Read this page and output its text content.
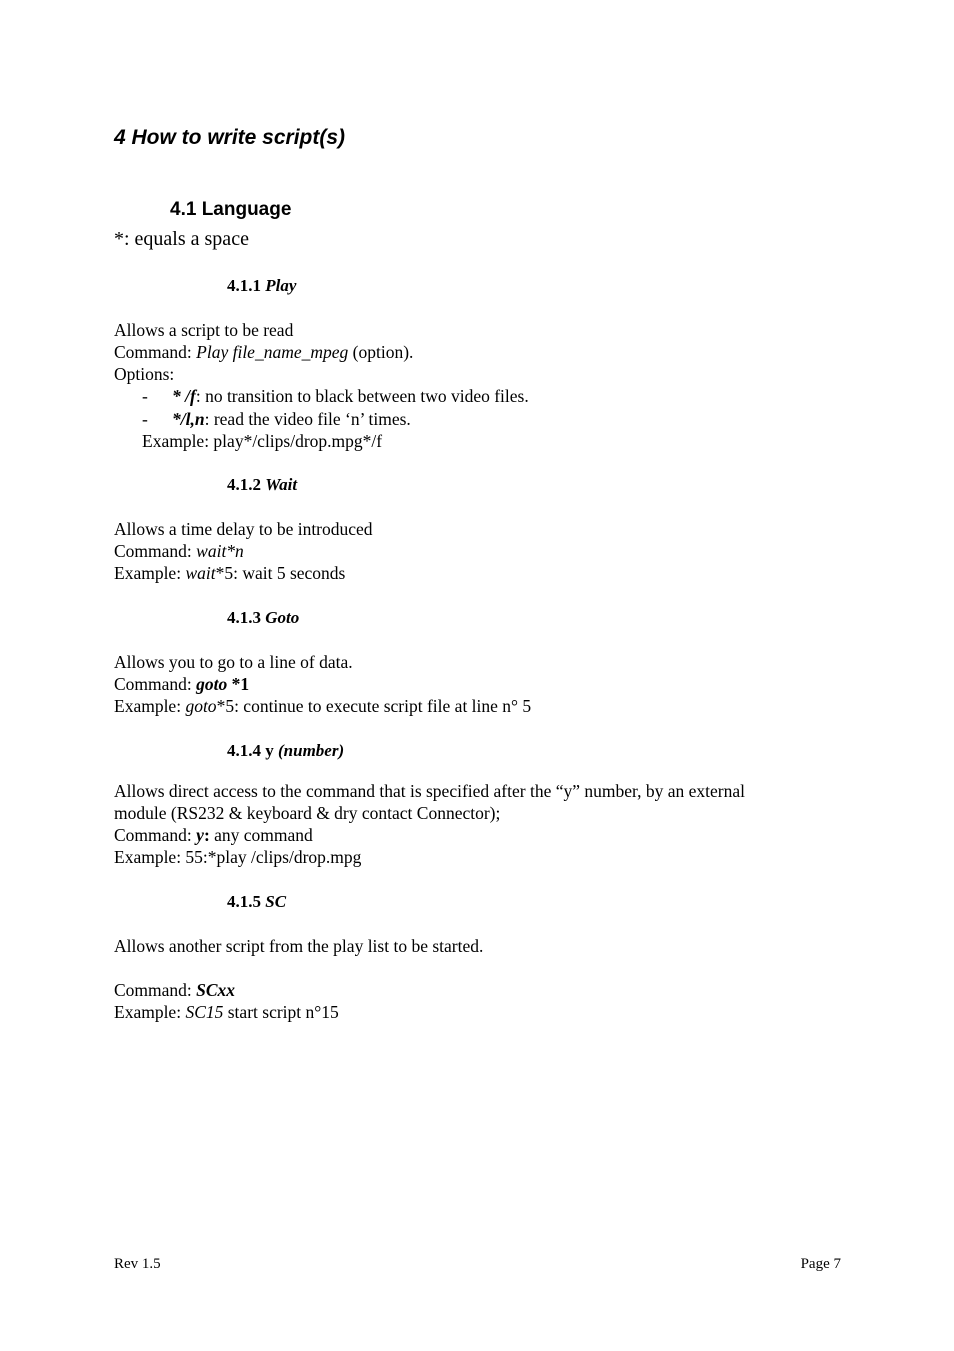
4 How to write script(s)
4.1 Language
*: equals a space
4.1.1 Play
Allows a script to be read
Command: Play file_name_mpeg (option).
Options:
- * /f: no transition to black between two video files.
- */l,n: read the video file ‘n’ times.
Example: play*/clips/drop.mpg*/f
4.1.2 Wait
Allows a time delay to be introduced
Command: wait*n
Example: wait*5: wait 5 seconds
4.1.3 Goto
Allows you to go to a line of data.
Command: goto *1
Example: goto*5: continue to execute script file at line n° 5
4.1.4 y (number)
Allows direct access to the command that is specified after the “y” number, by an external
module (RS232 & keyboard & dry contact Connector);
Command: y: any command
Example: 55:*play /clips/drop.mpg
4.1.5 SC
Allows another script from the play list to be started.
Command: SCxx
Example: SC15 start script n°15
Rev 1.5	Page 7
